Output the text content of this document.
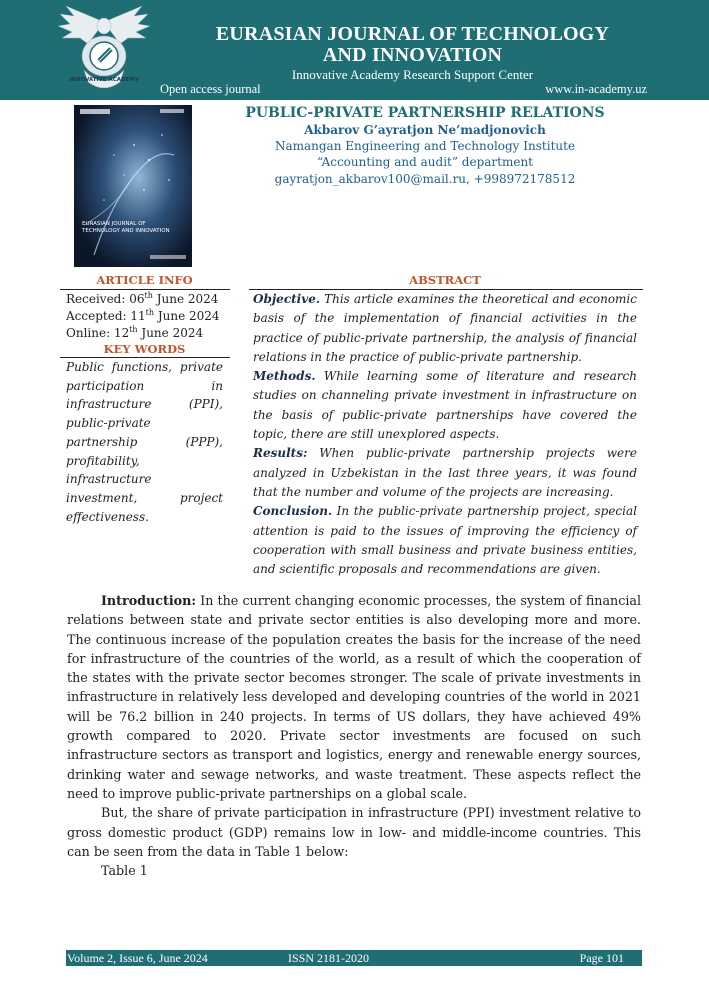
INNOVATIVE ACADEMY
EURASIAN JOURNAL OF TECHNOLOGY
AND INNOVATION
Innovative Academy Research Support Center
Open access journal	www.in-academy.uz
EURASIAN JOURNAL OF
TECHNOLOGY AND INNOVATION
PUBLIC-PRIVATE PARTNERSHIP RELATIONS
Akbarov G’ayratjon Ne’madjonovich
Namangan Engineering and Technology Institute
“Accounting and audit” department
gayratjon_akbarov100@mail.ru, +998972178512
ARTICLE INFO
Received: 06th June 2024
Accepted: 11th June 2024
Online: 12th June 2024
KEY WORDS
Public functions, private participation in infrastructure (PPI), public-private partnership (PPP), profitability, infrastructure investment, project effectiveness.
ABSTRACT
Objective. This article examines the theoretical and economic basis of the implementation of financial activities in the practice of public-private partnership, the analysis of financial relations in the practice of public-private partnership.
Methods. While learning some of literature and research studies on channeling private investment in infrastructure on the basis of public-private partnerships have covered the topic, there are still unexplored aspects.
Results: When public-private partnership projects were analyzed in Uzbekistan in the last three years, it was found that the number and volume of the projects are increasing.
Conclusion. In the public-private partnership project, special attention is paid to the issues of improving the efficiency of cooperation with small business and private business entities, and scientific proposals and recommendations are given.

Introduction: In the current changing economic processes, the system of financial relations between state and private sector entities is also developing more and more. The continuous increase of the population creates the basis for the increase of the need for infrastructure of the countries of the world, as a result of which the cooperation of the states with the private sector becomes stronger. The scale of private investments in infrastructure in relatively less developed and developing countries of the world in 2021 will be 76.2 billion in 240 projects. In terms of US dollars, they have achieved 49% growth compared to 2020. Private sector investments are focused on such infrastructure sectors as transport and logistics, energy and renewable energy sources, drinking water and sewage networks, and waste treatment. These aspects reflect the need to improve public-private partnerships on a global scale.

But, the share of private participation in infrastructure (PPI) investment relative to gross domestic product (GDP) remains low in low- and middle-income countries. This can be seen from the data in Table 1 below:

Table 1

Volume 2, Issue 6, June 2024	ISSN 2181-2020	Page 101
